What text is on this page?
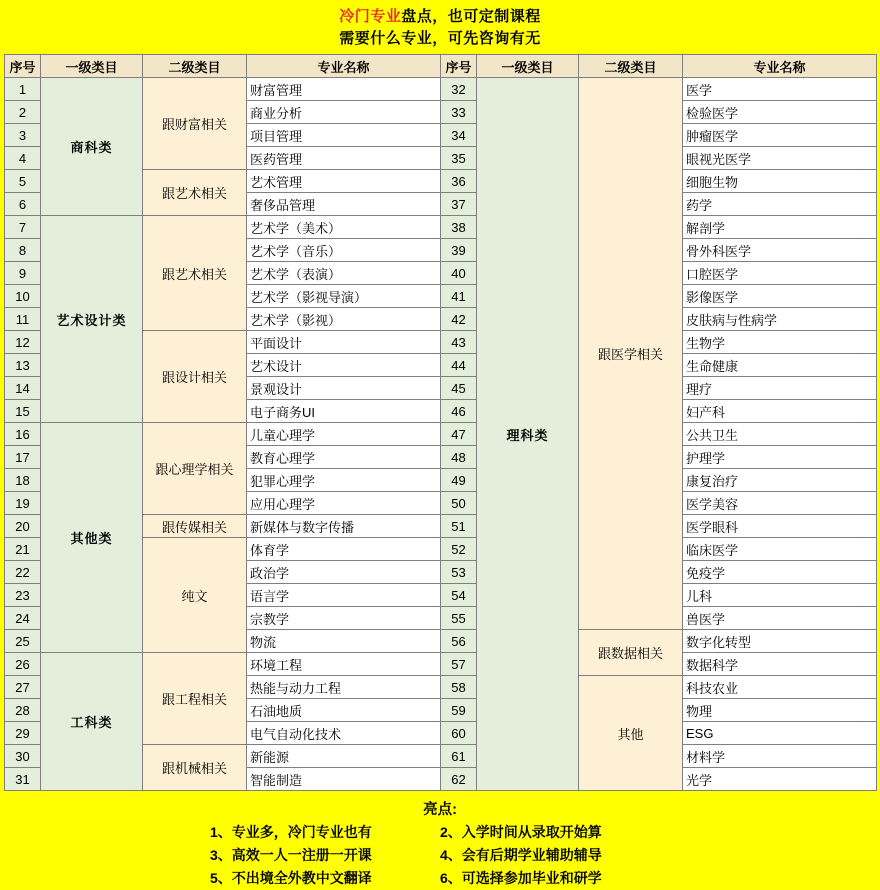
冷门专业盘点，也可定制课程
需要什么专业，可先咨询有无
序号	一级类目	二级类目	专业名称	序号	一级类目	二级类目	专业名称
1	商科类	跟财富相关	财富管理	32	理科类	跟医学相关	医学
2			商业分析	33			检验医学
3			项目管理	34			肿瘤医学
4			医药管理	35			眼视光医学
5		跟艺术相关	艺术管理	36			细胞生物
6			奢侈品管理	37			药学
7	艺术设计类	跟艺术相关	艺术学（美术）	38			解剖学
8			艺术学（音乐）	39			骨外科医学
9			艺术学（表演）	40			口腔医学
10			艺术学（影视导演）	41			影像医学
11			艺术学（影视）	42			皮肤病与性病学
12		跟设计相关	平面设计	43			生物学
13			艺术设计	44			生命健康
14			景观设计	45			理疗
15			电子商务UI	46			妇产科
16	其他类	跟心理学相关	儿童心理学	47			公共卫生
17			教育心理学	48			护理学
18			犯罪心理学	49			康复治疗
19			应用心理学	50			医学美容
20		跟传媒相关	新媒体与数字传播	51			医学眼科
21		纯文	体育学	52			临床医学
22			政治学	53			免疫学
23			语言学	54			儿科
24			宗教学	55			兽医学
25			物流	56		跟数据相关	数字化转型
26	工科类	跟工程相关	环境工程	57			数据科学
27			热能与动力工程	58		其他	科技农业
28			石油地质	59			物理
29			电气自动化技术	60			ESG
30		跟机械相关	新能源	61			材料学
31			智能制造	62			光学
亮点:
1、专业多，冷门专业也有	2、入学时间从录取开始算
3、高效一人一注册一开课	4、会有后期学业辅助辅导
5、不出境全外教中文翻译	6、可选择参加毕业和研学
